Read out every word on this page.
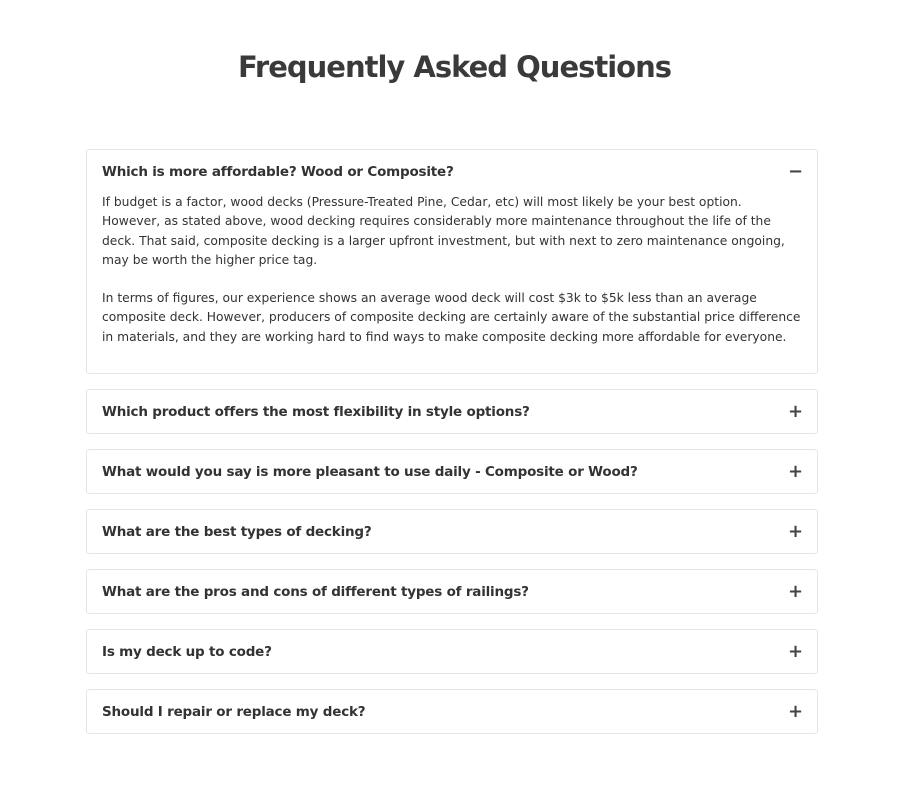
Frequently Asked Questions
Which is more affordable? Wood or Composite?	−

If budget is a factor, wood decks (Pressure-Treated Pine, Cedar, etc) will most likely be your best option. However, as stated above, wood decking requires considerably more maintenance throughout the life of the deck. That said, composite decking is a larger upfront investment, but with next to zero maintenance ongoing, may be worth the higher price tag.

In terms of figures, our experience shows an average wood deck will cost $3k to $5k less than an average composite deck. However, producers of composite decking are certainly aware of the substantial price difference in materials, and they are working hard to find ways to make composite decking more affordable for everyone.

Which product offers the most flexibility in style options?	+
What would you say is more pleasant to use daily - Composite or Wood?	+
What are the best types of decking?	+
What are the pros and cons of different types of railings?	+
Is my deck up to code?	+
Should I repair or replace my deck?	+
